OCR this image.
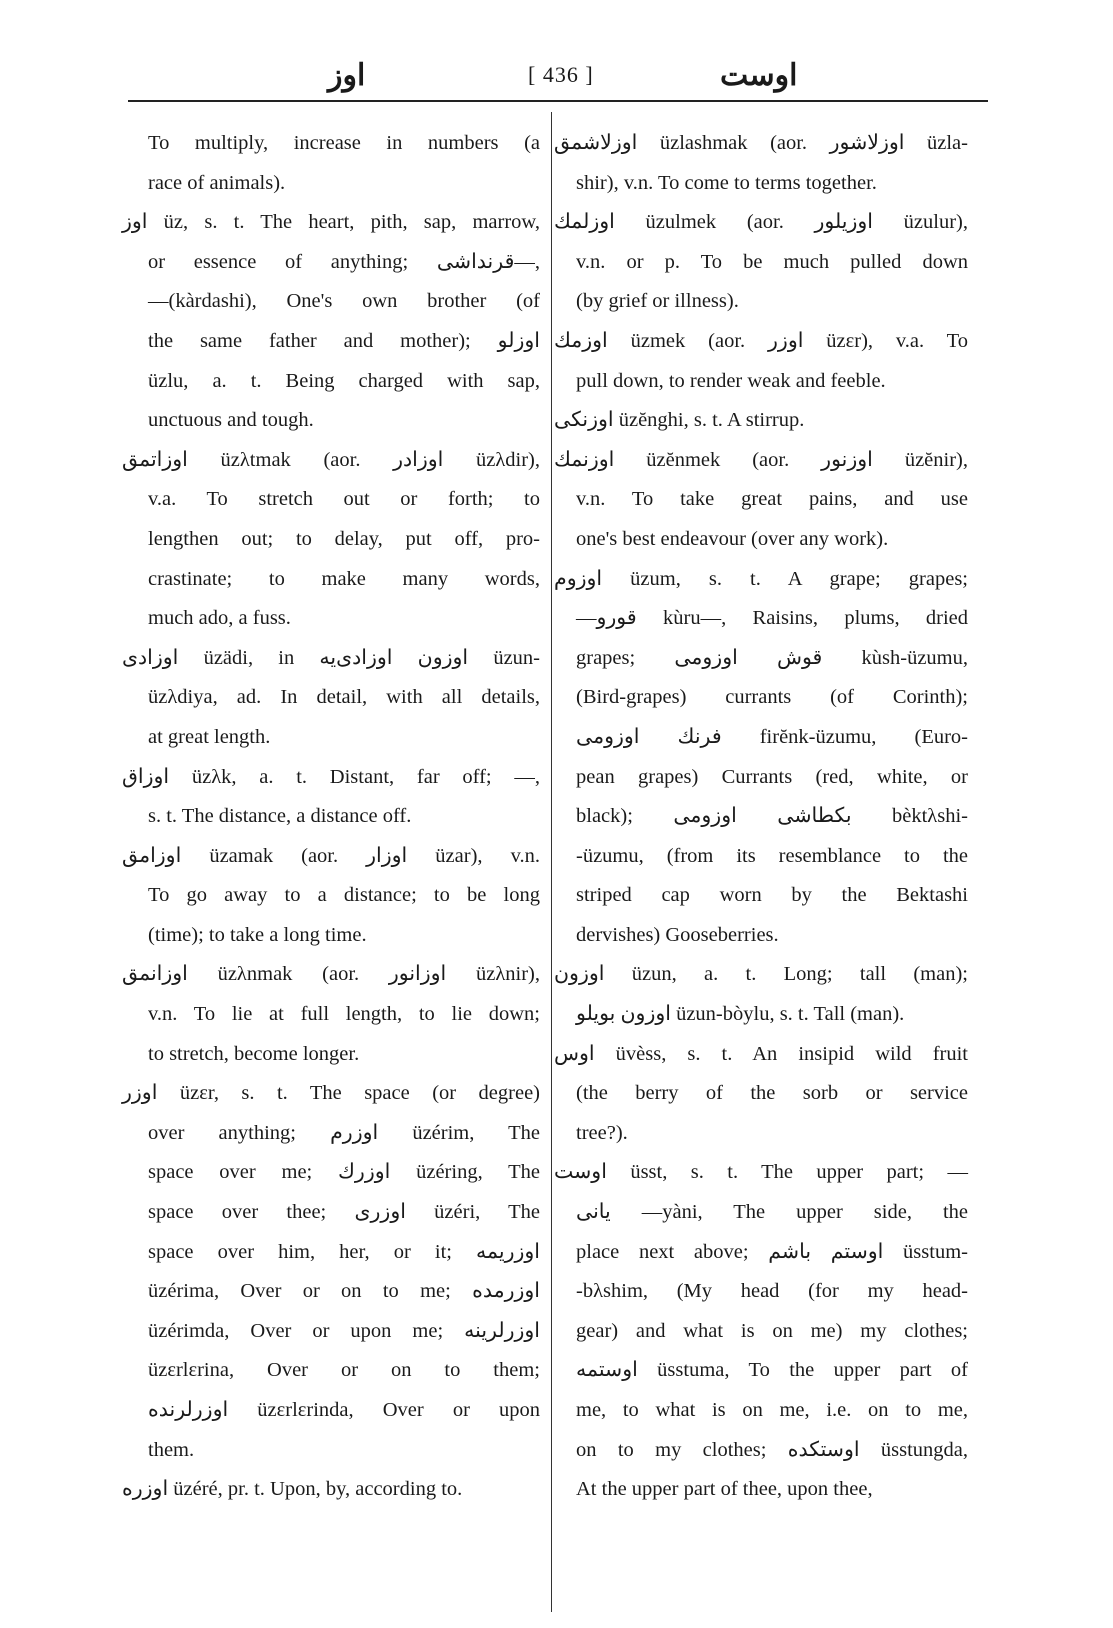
اوز	[ 436 ]	اوست
To multiply, increase in numbers (a
race of animals).
اوز üz, s. t. The heart, pith, sap, marrow,
or essence of anything; قرنداشی—,
—(kàrdashi), One's own brother (of
the same father and mother); اوزلو
üzlu, a. t. Being charged with sap,
unctuous and tough.
اوزاتمق üzλtmak (aor. اوزادر üzλdir),
v.a. To stretch out or forth; to
lengthen out; to delay, put off, pro-
crastinate; to make many words,
much ado, a fuss.
اوزادی üzädi, in اوزون اوزادی‌یه üzun-
üzλdiya, ad. In detail, with all details,
at great length.
اوزاق üzλk, a. t. Distant, far off; —,
s. t. The distance, a distance off.
اوزامق üzamak (aor. اوزار üzar), v.n.
To go away to a distance; to be long
(time); to take a long time.
اوزانمق üzλnmak (aor. اوزانور üzλnir),
v.n. To lie at full length, to lie down;
to stretch, become longer.
اوزر üzɛr, s. t. The space (or degree)
over anything; اوزرم üzérim, The
space over me; اوزرك üzéring, The
space over thee; اوزری üzéri, The
space over him, her, or it; اوزریمه
üzérima, Over or on to me; اوزرمده
üzérimda, Over or upon me; اوزرلرینه
üzɛrlɛrina, Over or on to them;
اوزرلرنده üzɛrlɛrinda, Over or upon
them.
اوزره üzéré, pr. t. Upon, by, according to.
اوزلاشمق üzlashmak (aor. اوزلاشور üzla-
shir), v.n. To come to terms together.
اوزلمك üzulmek (aor. اوزیلور üzulur),
v.n. or p. To be much pulled down
(by grief or illness).
اوزمك üzmek (aor. اوزر üzɛr), v.a. To
pull down, to render weak and feeble.
اوزنكی üzĕnghi, s. t. A stirrup.
اوزنمك üzĕnmek (aor. اوزنور üzĕnir),
v.n. To take great pains, and use
one's best endeavour (over any work).
اوزوم üzum, s. t. A grape; grapes;
—قورو kùru—, Raisins, plums, dried
grapes; قوش اوزومی kùsh-üzumu,
(Bird-grapes) currants (of Corinth);
فرنك اوزومی firĕnk-üzumu, (Euro-
pean grapes) Currants (red, white, or
black); بكطاشی اوزومی bèktλshi-
-üzumu, (from its resemblance to the
striped cap worn by the Bektashi
dervishes) Gooseberries.
اوزون üzun, a. t. Long; tall (man);
اوزون بویلو üzun-bòylu, s. t. Tall (man).
اوس üvèss, s. t. An insipid wild fruit
(the berry of the sorb or service
tree?).
اوست üsst, s. t. The upper part; —
یانی —yàni, The upper side, the
place next above; اوستم باشم üsstum-
-bλshim, (My head (for my head-
gear) and what is on me) my clothes;
اوستمه üsstuma, To the upper part of
me, to what is on me, i.e. on to me,
on to my clothes; اوستكده üsstungda,
At the upper part of thee, upon thee,
